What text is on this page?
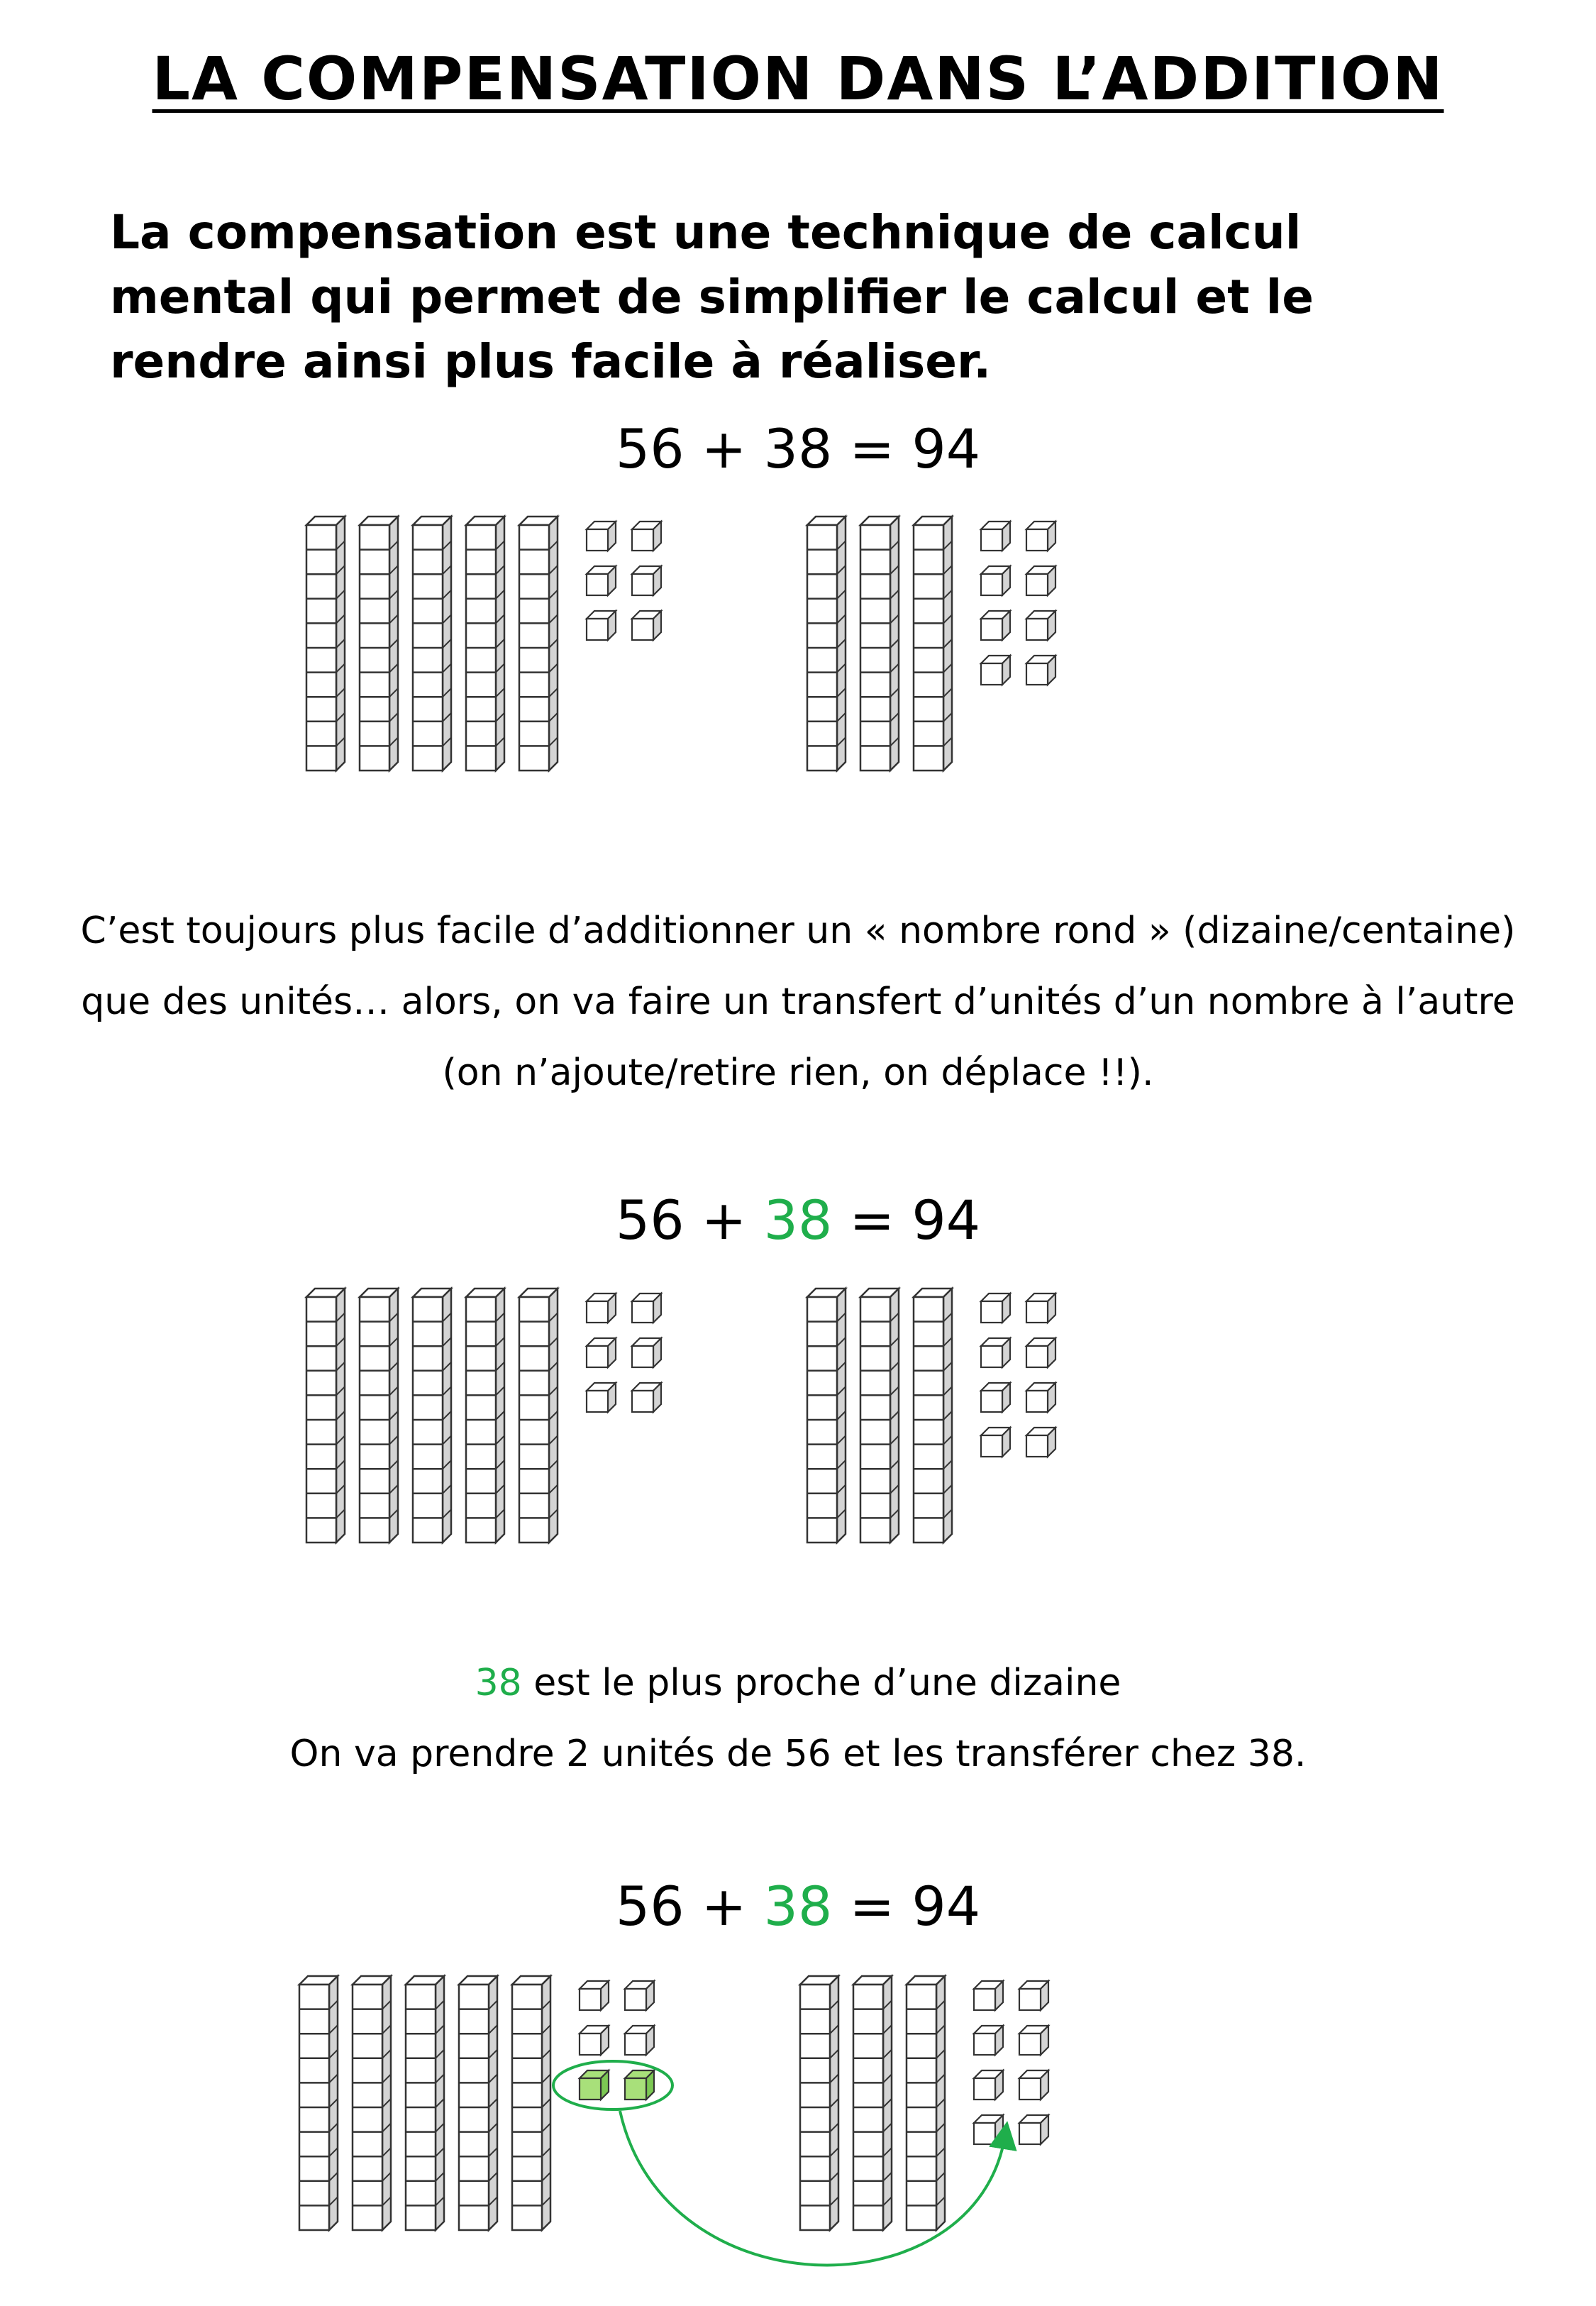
LA COMPENSATION DANS L’ADDITION
La compensation est une technique de calcul mental qui permet de simplifier le calcul et le rendre ainsi plus facile à réaliser.
56 + 38 = 94
C’est toujours plus facile d’additionner un « nombre rond » (dizaine/centaine)
que des unités… alors, on va faire un transfert d’unités d’un nombre à l’autre
(on n’ajoute/retire rien, on déplace !!).
56 + 38 = 94
38 est le plus proche d’une dizaine
On va prendre 2 unités de 56 et les transférer chez 38.
56 + 38 = 94
